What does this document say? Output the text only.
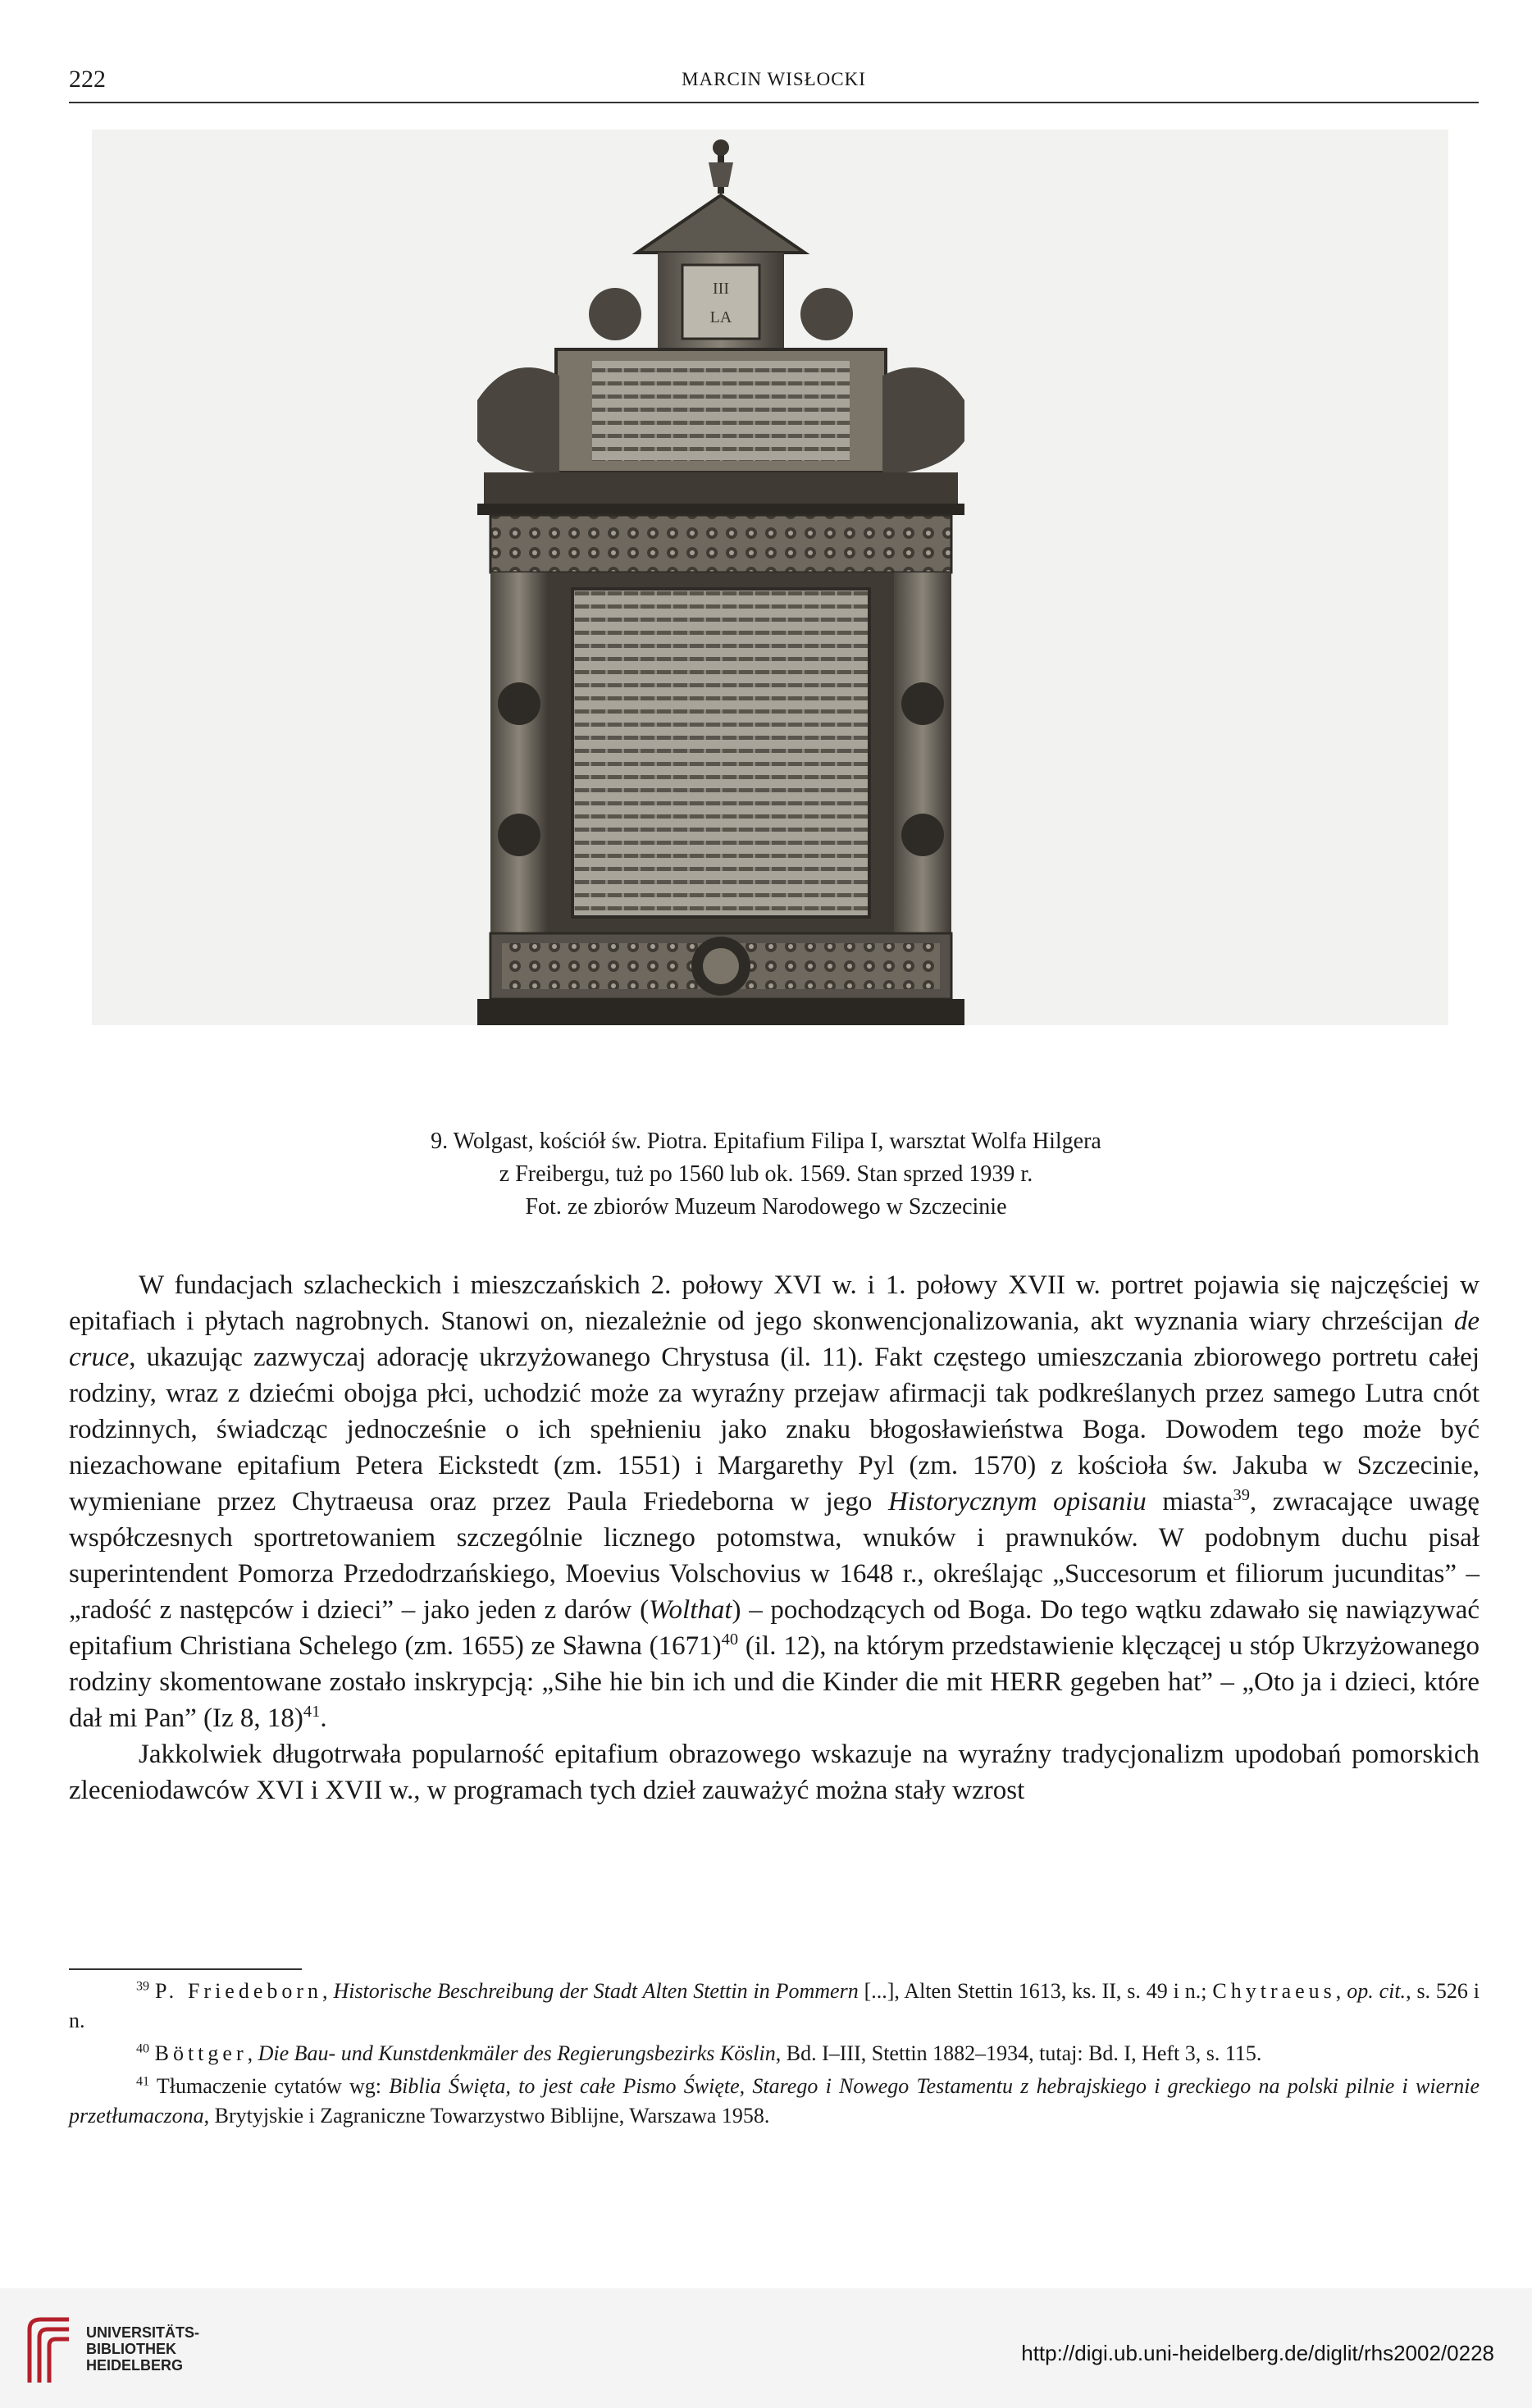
222	MARCIN WISŁOCKI
III
LA
9. Wolgast, kościół św. Piotra. Epitafium Filipa I, warsztat Wolfa Hilgera
z Freibergu, tuż po 1560 lub ok. 1569. Stan sprzed 1939 r.
Fot. ze zbiorów Muzeum Narodowego w Szczecinie

W fundacjach szlacheckich i mieszczańskich 2. połowy XVI w. i 1. połowy XVII w. portret pojawia się najczęściej w epitafiach i płytach nagrobnych. Stanowi on, niezależnie od jego skonwencjonalizowania, akt wyznania wiary chrześcijan de cruce, ukazując zazwyczaj adorację ukrzyżowanego Chrystusa (il. 11). Fakt częstego umieszczania zbiorowego portretu całej rodziny, wraz z dziećmi obojga płci, uchodzić może za wyraźny przejaw afirmacji tak podkreślanych przez samego Lutra cnót rodzinnych, świadcząc jednocześnie o ich spełnieniu jako znaku błogosławieństwa Boga. Dowodem tego może być niezachowane epitafium Petera Eickstedt (zm. 1551) i Margarethy Pyl (zm. 1570) z kościoła św. Jakuba w Szczecinie, wymieniane przez Chytraeusa oraz przez Paula Friedeborna w jego Historycznym opisaniu miasta$^{39}$, zwracające uwagę współczesnych sportretowaniem szczególnie licznego potomstwa, wnuków i prawnuków. W podobnym duchu pisał superintendent Pomorza Przedodrzańskiego, Moevius Volschovius w 1648 r., określając „Succesorum et filiorum jucunditas” – „radość z następców i dzieci” – jako jeden z darów (Wolthat) – pochodzących od Boga. Do tego wątku zdawało się nawiązywać epitafium Christiana Schelego (zm. 1655) ze Sławna $(1671)^{40}$ (il. 12), na którym przedstawienie klęczącej u stóp Ukrzyżowanego rodziny skomentowane zostało inskrypcją: „Sihe hie bin ich und die Kinder die mit HERR gegeben hat” – „Oto ja i dzieci, które dał mi Pan” (Iz 8, 18)$^{41}$.

Jakkolwiek długotrwała popularność epitafium obrazowego wskazuje na wyraźny tradycjonalizm upodobań pomorskich zleceniodawców XVI i XVII w., w programach tych dzieł zauważyć można stały wzrost

$^{39}$ P. Friedeborn, Historische Beschreibung der Stadt Alten Stettin in Pommern [...], Alten Stettin 1613, ks. II, s. 49 i n.; Chytraeus, op. cit., s. 526 i n.

$^{40}$ Böttger, Die Bau- und Kunstdenkmäler des Regierungsbezirks Köslin, Bd. I–III, Stettin 1882–1934, tutaj: Bd. I, Heft 3, s. 115.

$^{41}$ Tłumaczenie cytatów wg: Biblia Święta, to jest całe Pismo Święte, Starego i Nowego Testamentu z hebrajskiego i greckiego na polski pilnie i wiernie przetłumaczona, Brytyjskie i Zagraniczne Towarzystwo Biblijne, Warszawa 1958.

UNIVERSITÄTS-
BIBLIOTHEK
HEIDELBERG	http://digi.ub.uni-heidelberg.de/diglit/rhs2002/0228
